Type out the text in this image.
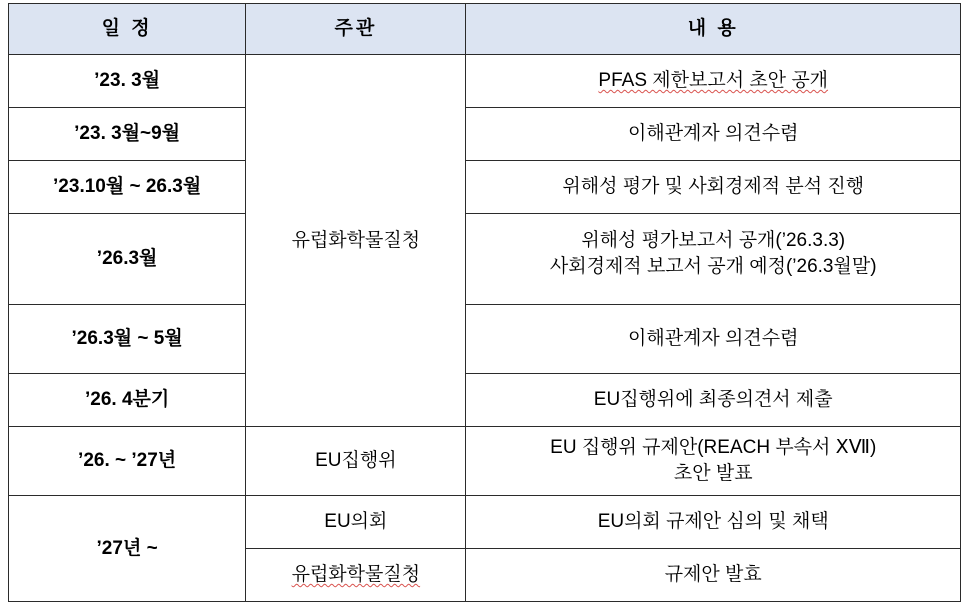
일 정	주관	내 용
’23. 3월	유럽화학물질청	PFAS 제한보고서 초안 공개
’23. 3월~9월		이해관계자 의견수렴
’23.10월 ~ 26.3월		위해성 평가 및 사회경제적 분석 진행
’26.3월		위해성 평가보고서 공개(’26.3.3)
사회경제적 보고서 공개 예정(’26.3월말)

’26.3월 ~ 5월		이해관계자 의견수렴
’26. 4분기		EU집행위에 최종의견서 제출
’26. ~ ’27년	EU집행위	EU 집행위 규제안(REACH 부속서 ⅩⅦ)
초안 발표

’27년 ~	EU의회	EU의회 규제안 심의 및 채택
	유럽화학물질청	규제안 발효
